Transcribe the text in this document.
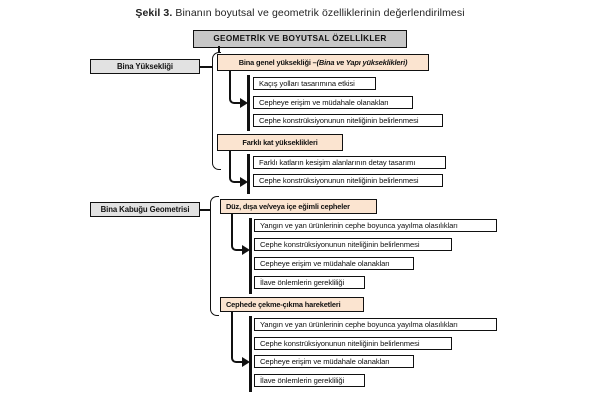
Şekil 3. Binanın boyutsal ve geometrik özelliklerinin değerlendirilmesi
GEOMETRİK VE BOYUTSAL ÖZELLİKLER
Bina Yüksekliği
Bina Kabuğu Geometrisi
Bina genel yüksekliği – (Bina ve Yapı yükseklikleri)
Kaçış yolları tasarımına etkisi
Cepheye erişim ve müdahale olanakları
Cephe konstrüksiyonunun niteliğinin belirlenmesi
Farklı kat yükseklikleri
Farklı katların kesişim alanlarının detay tasarımı
Cephe konstrüksiyonunun niteliğinin belirlenmesi
Düz, dışa ve/veya içe eğimli cepheler
Yangın ve yan ürünlerinin cephe boyunca yayılma olasılıkları
Cephe konstrüksiyonunun niteliğinin belirlenmesi
Cepheye erişim ve müdahale olanakları
İlave önlemlerin gerekliliği
Cephede çekme-çıkma hareketleri
Yangın ve yan ürünlerinin cephe boyunca yayılma olasılıkları
Cephe konstrüksiyonunun niteliğinin belirlenmesi
Cepheye erişim ve müdahale olanakları
İlave önlemlerin gerekliliği
